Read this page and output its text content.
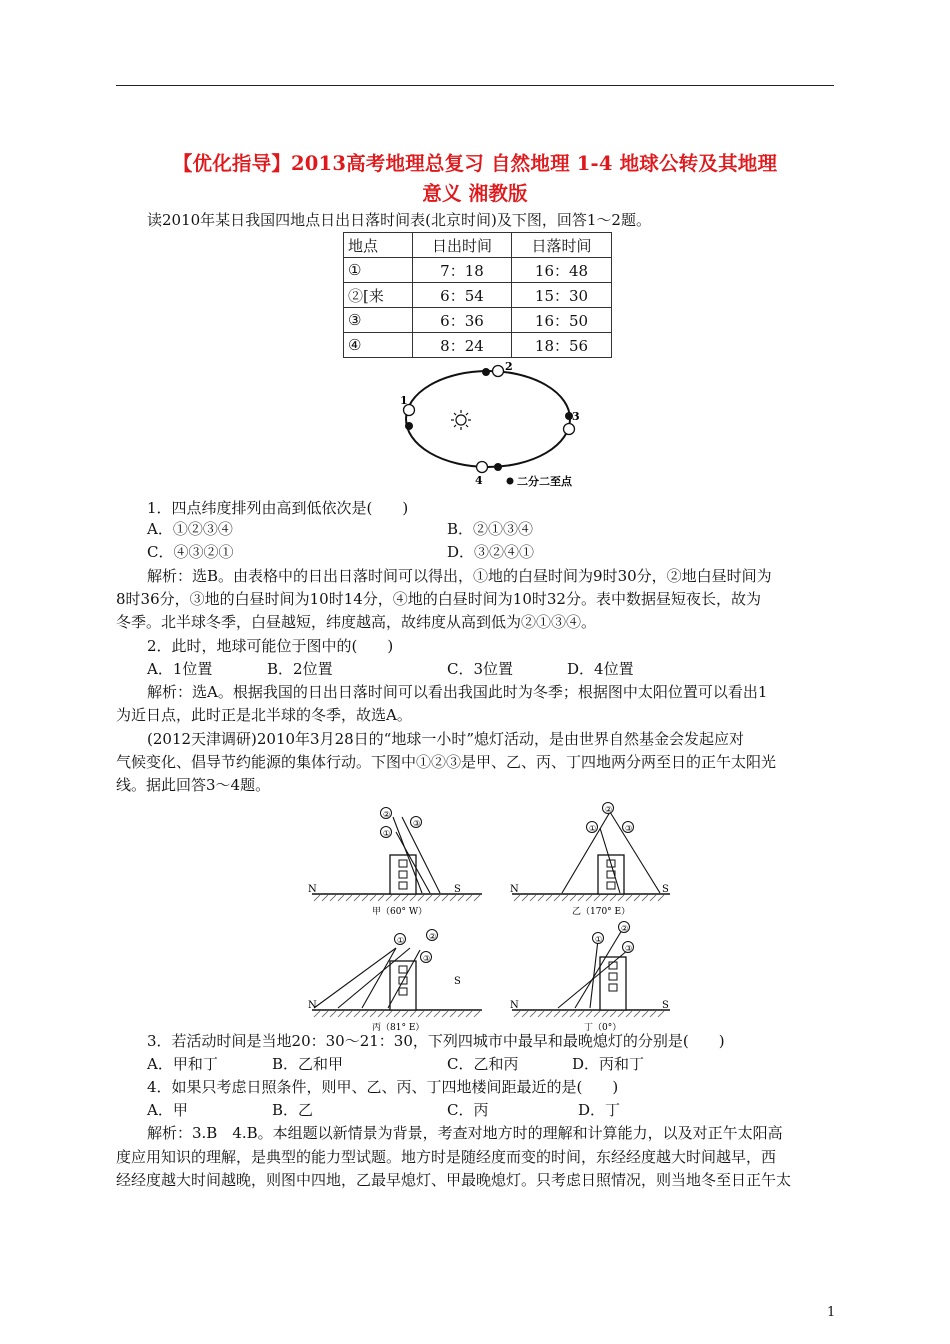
【优化指导】2013高考地理总复习 自然地理 1-4 地球公转及其地理
意义 湘教版
读2010年某日我国四地点日出日落时间表(北京时间)及下图，回答1～2题。
地点	日出时间	日落时间
①	7：18	16：48
②[来	6：54	15：30
③	6：36	16：50
④	8：24	18：56
1
2
3
4	二分二至点
1．四点纬度排列由高到低依次是(　　)
A．①②③④	B．②①③④
C．④③②①	D．③②④①
解析：选B。由表格中的日出日落时间可以得出，①地的白昼时间为9时30分，②地白昼时间为
8时36分，③地的白昼时间为10时14分，④地的白昼时间为10时32分。表中数据昼短夜长，故为
冬季。北半球冬季，白昼越短，纬度越高，故纬度从高到低为②①③④。
2．此时，地球可能位于图中的(　　)
A．1位置	B．2位置	C．3位置	D．4位置
解析：选A。根据我国的日出日落时间可以看出我国此时为冬季；根据图中太阳位置可以看出1
为近日点，此时正是北半球的冬季，故选A。
(2012天津调研)2010年3月28日的“地球一小时”熄灯活动，是由世界自然基金会发起应对
气候变化、倡导节约能源的集体行动。下图中①②③是甲、乙、丙、丁四地两分两至日的正午太阳光
线。据此回答3～4题。
②
①
③
②
①	③
①	②
③
①
②
③
N	S	N	S
N
S
N	S
甲（60° W）	乙（170° E）
丙（81° E）	丁（0°）
3．若活动时间是当地20：30～21：30，下列四城市中最早和最晚熄灯的分别是(　　)
A．甲和丁	B．乙和甲	C．乙和丙	D．丙和丁
4．如果只考虑日照条件，则甲、乙、丙、丁四地楼间距最近的是(　　)
A．甲	B．乙	C．丙	D．丁
解析：3.B　4.B。本组题以新情景为背景，考查对地方时的理解和计算能力，以及对正午太阳高
度应用知识的理解，是典型的能力型试题。地方时是随经度而变的时间，东经经度越大时间越早，西
经经度越大时间越晚，则图中四地，乙最早熄灯、甲最晚熄灯。只考虑日照情况，则当地冬至日正午太
1
